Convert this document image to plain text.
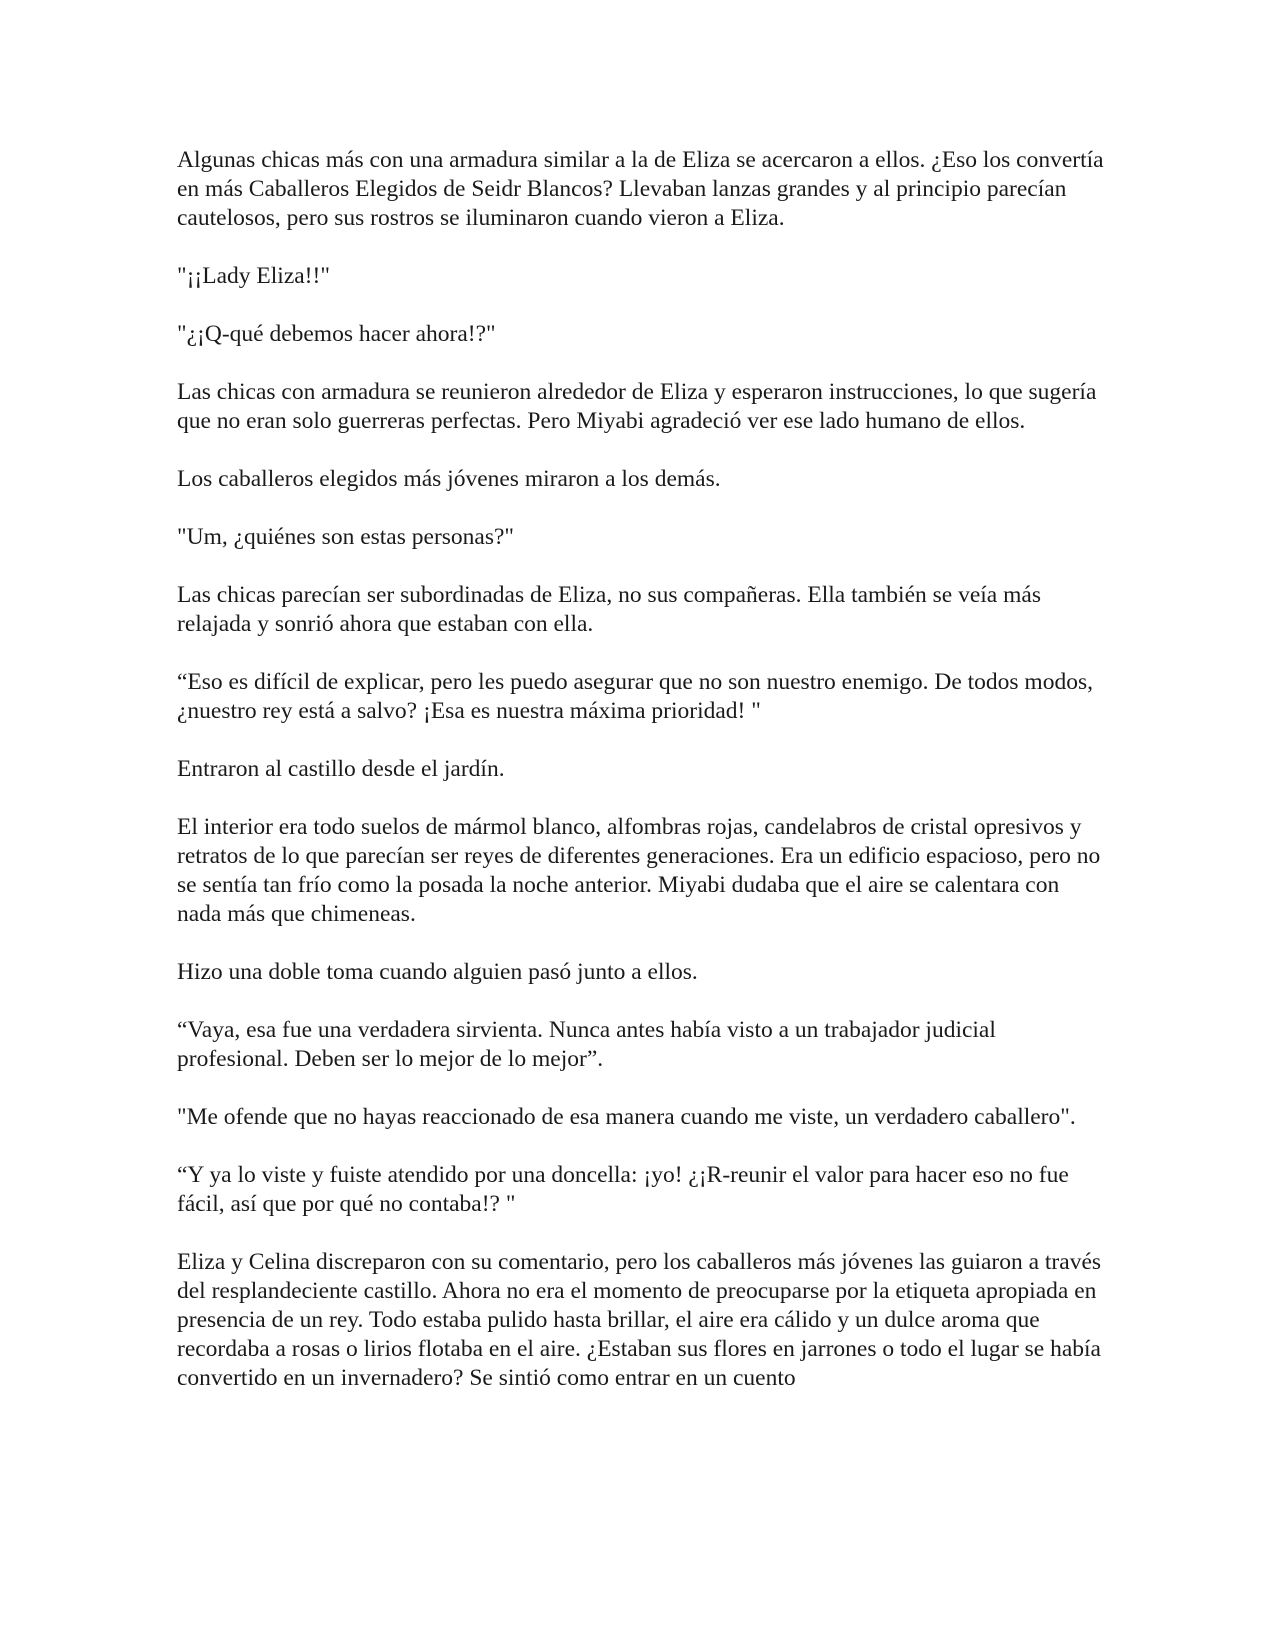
Algunas chicas más con una armadura similar a la de Eliza se acercaron a ellos. ¿Eso los convertía en más Caballeros Elegidos de Seidr Blancos? Llevaban lanzas grandes y al principio parecían cautelosos, pero sus rostros se iluminaron cuando vieron a Eliza.

"¡¡Lady Eliza!!"

"¿¡Q-qué debemos hacer ahora!?"

Las chicas con armadura se reunieron alrededor de Eliza y esperaron instrucciones, lo que sugería que no eran solo guerreras perfectas. Pero Miyabi agradeció ver ese lado humano de ellos.

Los caballeros elegidos más jóvenes miraron a los demás.

"Um, ¿quiénes son estas personas?"

Las chicas parecían ser subordinadas de Eliza, no sus compañeras. Ella también se veía más relajada y sonrió ahora que estaban con ella.

“Eso es difícil de explicar, pero les puedo asegurar que no son nuestro enemigo. De todos modos, ¿nuestro rey está a salvo? ¡Esa es nuestra máxima prioridad! "

Entraron al castillo desde el jardín.

El interior era todo suelos de mármol blanco, alfombras rojas, candelabros de cristal opresivos y retratos de lo que parecían ser reyes de diferentes generaciones. Era un edificio espacioso, pero no se sentía tan frío como la posada la noche anterior. Miyabi dudaba que el aire se calentara con nada más que chimeneas.

Hizo una doble toma cuando alguien pasó junto a ellos.

“Vaya, esa fue una verdadera sirvienta. Nunca antes había visto a un trabajador judicial profesional. Deben ser lo mejor de lo mejor”.

"Me ofende que no hayas reaccionado de esa manera cuando me viste, un verdadero caballero".

“Y ya lo viste y fuiste atendido por una doncella: ¡yo! ¿¡R-reunir el valor para hacer eso no fue fácil, así que por qué no contaba!? "

Eliza y Celina discreparon con su comentario, pero los caballeros más jóvenes las guiaron a través del resplandeciente castillo. Ahora no era el momento de preocuparse por la etiqueta apropiada en presencia de un rey. Todo estaba pulido hasta brillar, el aire era cálido y un dulce aroma que recordaba a rosas o lirios flotaba en el aire. ¿Estaban sus flores en jarrones o todo el lugar se había convertido en un invernadero? Se sintió como entrar en un cuento
